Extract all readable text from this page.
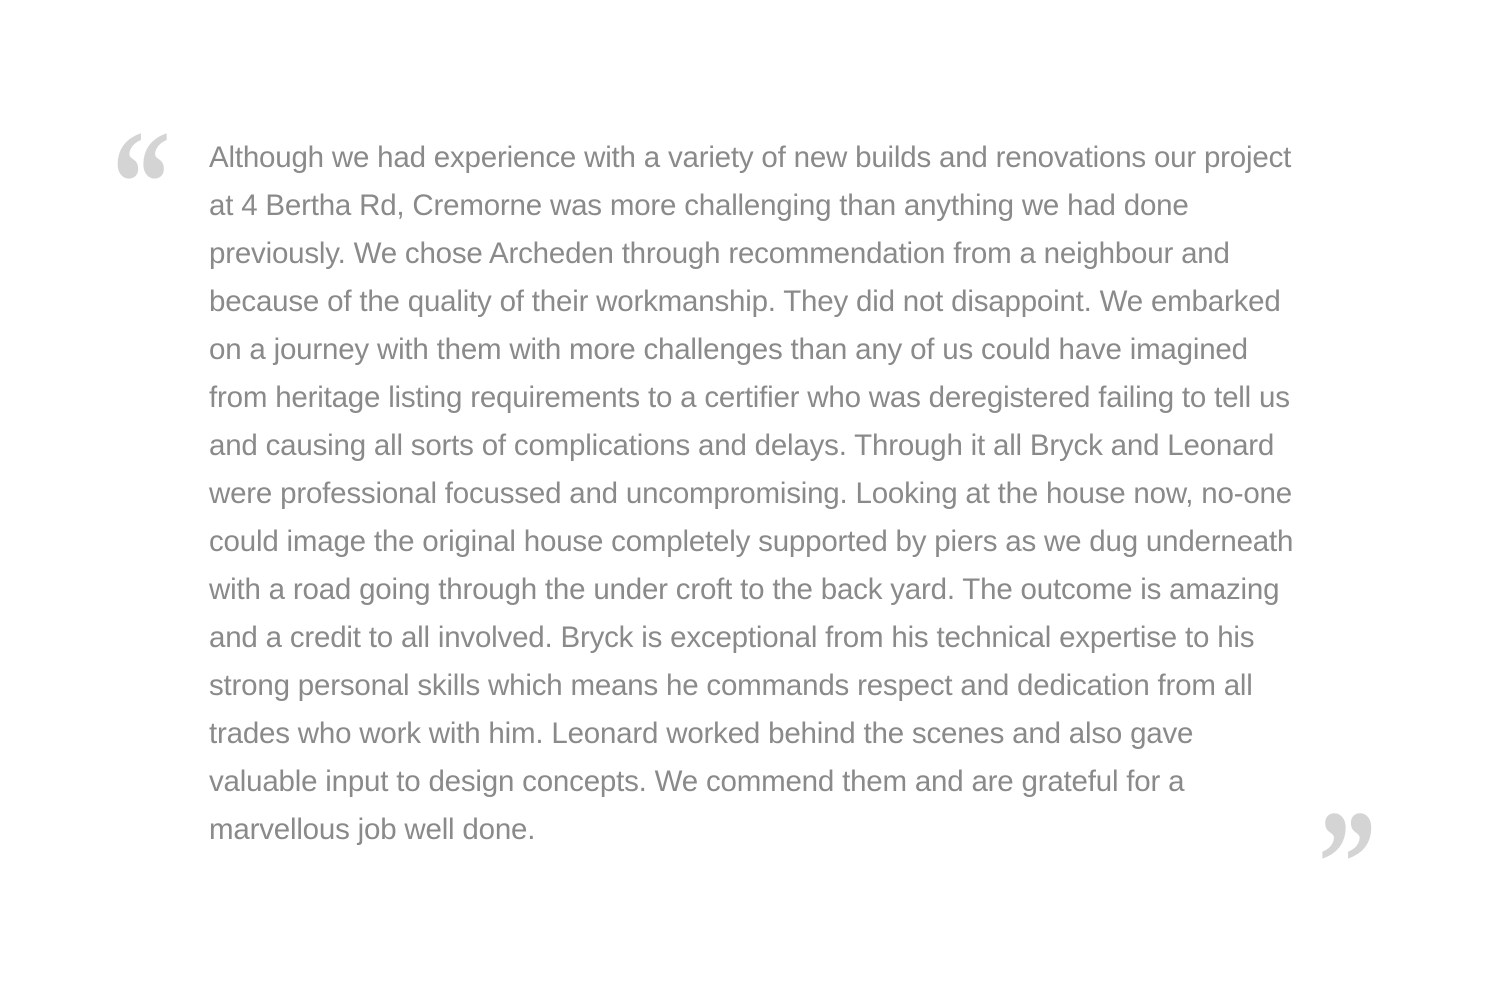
“ Although we had experience with a variety of new builds and renovations our project
at 4 Bertha Rd, Cremorne was more challenging than anything we had done
previously. We chose Archeden through recommendation from a neighbour and
because of the quality of their workmanship. They did not disappoint. We embarked
on a journey with them with more challenges than any of us could have imagined
from heritage listing requirements to a certifier who was deregistered failing to tell us
and causing all sorts of complications and delays. Through it all Bryck and Leonard
were professional focussed and uncompromising. Looking at the house now, no-one
could image the original house completely supported by piers as we dug underneath
with a road going through the under croft to the back yard. The outcome is amazing
and a credit to all involved. Bryck is exceptional from his technical expertise to his
strong personal skills which means he commands respect and dedication from all
trades who work with him. Leonard worked behind the scenes and also gave
valuable input to design concepts. We commend them and are grateful for a
marvellous job well done.	”
